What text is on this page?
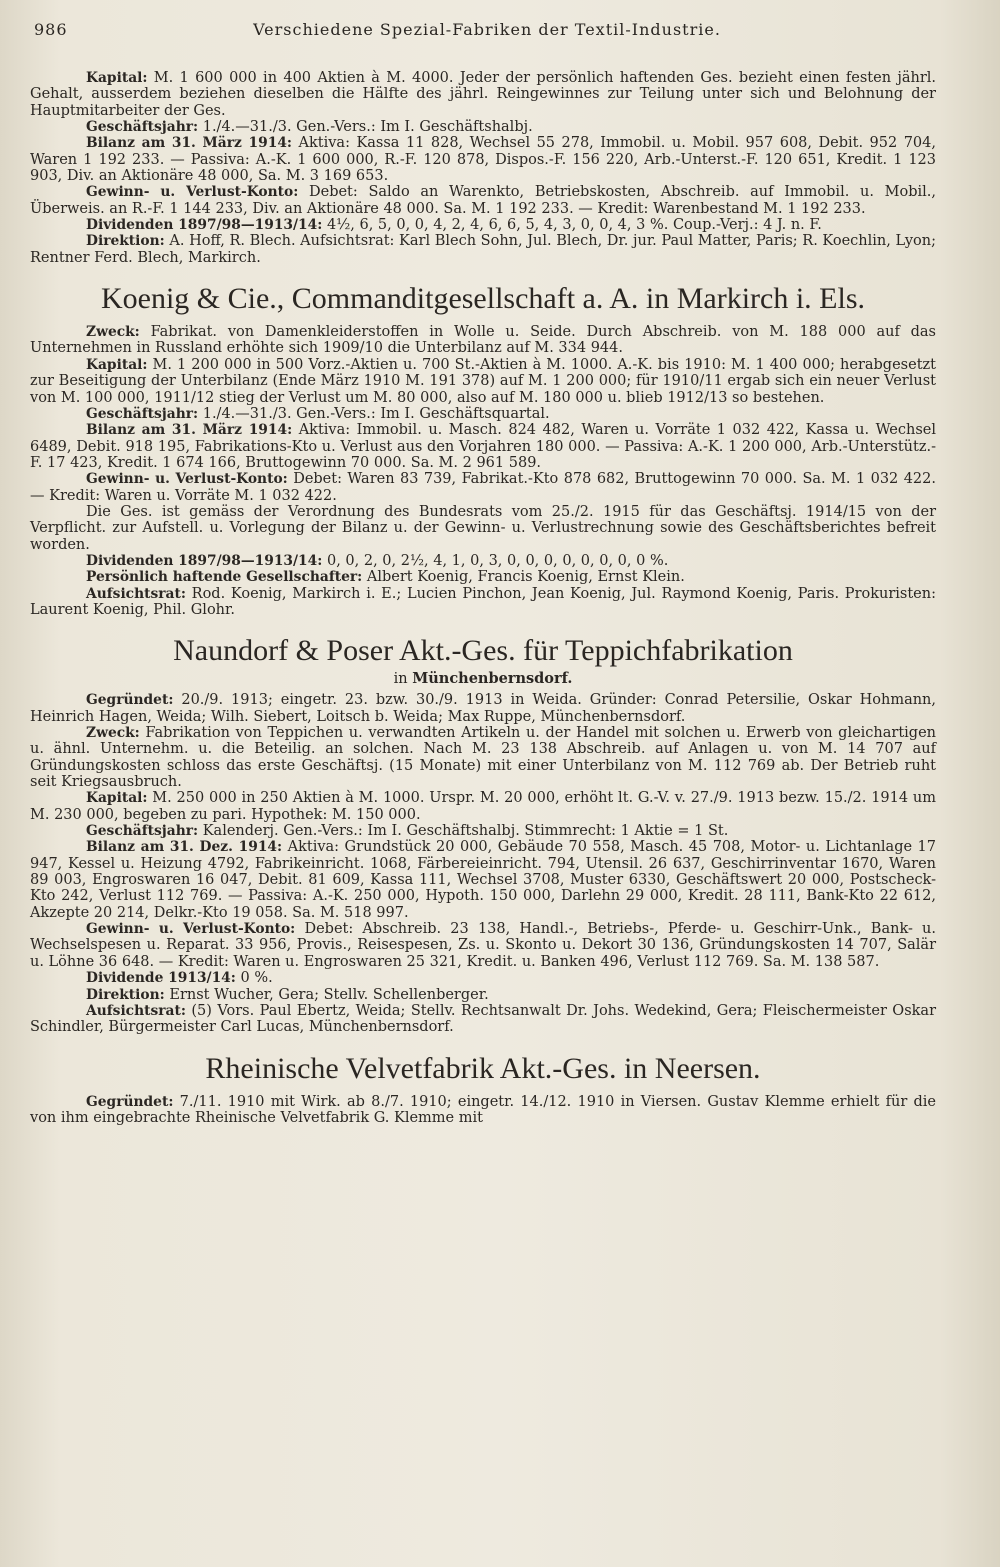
986	Verschiedene Spezial-Fabriken der Textil-Industrie.

Kapital: M. 1 600 000 in 400 Aktien à M. 4000. Jeder der persönlich haftenden Ges. bezieht einen festen jährl. Gehalt, ausserdem beziehen dieselben die Hälfte des jährl. Reingewinnes zur Teilung unter sich und Belohnung der Hauptmitarbeiter der Ges.

Geschäftsjahr: 1./4.—31./3. Gen.-Vers.: Im I. Geschäftshalbj.

Bilanz am 31. März 1914: Aktiva: Kassa 11 828, Wechsel 55 278, Immobil. u. Mobil. 957 608, Debit. 952 704, Waren 1 192 233. — Passiva: A.-K. 1 600 000, R.-F. 120 878, Dispos.-F. 156 220, Arb.-Unterst.-F. 120 651, Kredit. 1 123 903, Div. an Aktionäre 48 000, Sa. M. 3 169 653.

Gewinn- u. Verlust-Konto: Debet: Saldo an Warenkto, Betriebskosten, Abschreib. auf Immobil. u. Mobil., Überweis. an R.-F. 1 144 233, Div. an Aktionäre 48 000. Sa. M. 1 192 233. — Kredit: Warenbestand M. 1 192 233.

Dividenden 1897/98—1913/14: 4½, 6, 5, 0, 0, 4, 2, 4, 6, 6, 5, 4, 3, 0, 0, 4, 3 %. Coup.-Verj.: 4 J. n. F.

Direktion: A. Hoff, R. Blech. Aufsichtsrat: Karl Blech Sohn, Jul. Blech, Dr. jur. Paul Matter, Paris; R. Koechlin, Lyon; Rentner Ferd. Blech, Markirch.

Koenig & Cie., Commanditgesellschaft a. A. in Markirch i. Els.

Zweck: Fabrikat. von Damenkleiderstoffen in Wolle u. Seide. Durch Abschreib. von M. 188 000 auf das Unternehmen in Russland erhöhte sich 1909/10 die Unterbilanz auf M. 334 944.

Kapital: M. 1 200 000 in 500 Vorz.-Aktien u. 700 St.-Aktien à M. 1000. A.-K. bis 1910: M. 1 400 000; herabgesetzt zur Beseitigung der Unterbilanz (Ende März 1910 M. 191 378) auf M. 1 200 000; für 1910/11 ergab sich ein neuer Verlust von M. 100 000, 1911/12 stieg der Verlust um M. 80 000, also auf M. 180 000 u. blieb 1912/13 so bestehen.

Geschäftsjahr: 1./4.—31./3. Gen.-Vers.: Im I. Geschäftsquartal.

Bilanz am 31. März 1914: Aktiva: Immobil. u. Masch. 824 482, Waren u. Vorräte 1 032 422, Kassa u. Wechsel 6489, Debit. 918 195, Fabrikations-Kto u. Verlust aus den Vorjahren 180 000. — Passiva: A.-K. 1 200 000, Arb.-Unterstütz.-F. 17 423, Kredit. 1 674 166, Bruttogewinn 70 000. Sa. M. 2 961 589.

Gewinn- u. Verlust-Konto: Debet: Waren 83 739, Fabrikat.-Kto 878 682, Bruttogewinn 70 000. Sa. M. 1 032 422. — Kredit: Waren u. Vorräte M. 1 032 422.

Die Ges. ist gemäss der Verordnung des Bundesrats vom 25./2. 1915 für das Geschäftsj. 1914/15 von der Verpflicht. zur Aufstell. u. Vorlegung der Bilanz u. der Gewinn- u. Verlustrechnung sowie des Geschäftsberichtes befreit worden.

Dividenden 1897/98—1913/14: 0, 0, 2, 0, 2½, 4, 1, 0, 3, 0, 0, 0, 0, 0, 0, 0, 0 %.

Persönlich haftende Gesellschafter: Albert Koenig, Francis Koenig, Ernst Klein.

Aufsichtsrat: Rod. Koenig, Markirch i. E.; Lucien Pinchon, Jean Koenig, Jul. Raymond Koenig, Paris. Prokuristen: Laurent Koenig, Phil. Glohr.

Naundorf & Poser Akt.-Ges. für Teppichfabrikation
in Münchenbernsdorf.

Gegründet: 20./9. 1913; eingetr. 23. bzw. 30./9. 1913 in Weida. Gründer: Conrad Petersilie, Oskar Hohmann, Heinrich Hagen, Weida; Wilh. Siebert, Loitsch b. Weida; Max Ruppe, Münchenbernsdorf.

Zweck: Fabrikation von Teppichen u. verwandten Artikeln u. der Handel mit solchen u. Erwerb von gleichartigen u. ähnl. Unternehm. u. die Beteilig. an solchen. Nach M. 23 138 Abschreib. auf Anlagen u. von M. 14 707 auf Gründungskosten schloss das erste Geschäftsj. (15 Monate) mit einer Unterbilanz von M. 112 769 ab. Der Betrieb ruht seit Kriegsausbruch.

Kapital: M. 250 000 in 250 Aktien à M. 1000. Urspr. M. 20 000, erhöht lt. G.-V. v. 27./9. 1913 bezw. 15./2. 1914 um M. 230 000, begeben zu pari. Hypothek: M. 150 000.

Geschäftsjahr: Kalenderj. Gen.-Vers.: Im I. Geschäftshalbj. Stimmrecht: 1 Aktie = 1 St.

Bilanz am 31. Dez. 1914: Aktiva: Grundstück 20 000, Gebäude 70 558, Masch. 45 708, Motor- u. Lichtanlage 17 947, Kessel u. Heizung 4792, Fabrikeinricht. 1068, Färbereieinricht. 794, Utensil. 26 637, Geschirrinventar 1670, Waren 89 003, Engroswaren 16 047, Debit. 81 609, Kassa 111, Wechsel 3708, Muster 6330, Geschäftswert 20 000, Postscheck-Kto 242, Verlust 112 769. — Passiva: A.-K. 250 000, Hypoth. 150 000, Darlehn 29 000, Kredit. 28 111, Bank-Kto 22 612, Akzepte 20 214, Delkr.-Kto 19 058. Sa. M. 518 997.

Gewinn- u. Verlust-Konto: Debet: Abschreib. 23 138, Handl.-, Betriebs-, Pferde- u. Geschirr-Unk., Bank- u. Wechselspesen u. Reparat. 33 956, Provis., Reisespesen, Zs. u. Skonto u. Dekort 30 136, Gründungskosten 14 707, Salär u. Löhne 36 648. — Kredit: Waren u. Engroswaren 25 321, Kredit. u. Banken 496, Verlust 112 769. Sa. M. 138 587.

Dividende 1913/14: 0 %.

Direktion: Ernst Wucher, Gera; Stellv. Schellenberger.

Aufsichtsrat: (5) Vors. Paul Ebertz, Weida; Stellv. Rechtsanwalt Dr. Johs. Wedekind, Gera; Fleischermeister Oskar Schindler, Bürgermeister Carl Lucas, Münchenbernsdorf.

Rheinische Velvetfabrik Akt.-Ges. in Neersen.

Gegründet: 7./11. 1910 mit Wirk. ab 8./7. 1910; eingetr. 14./12. 1910 in Viersen. Gustav Klemme erhielt für die von ihm eingebrachte Rheinische Velvetfabrik G. Klemme mit
